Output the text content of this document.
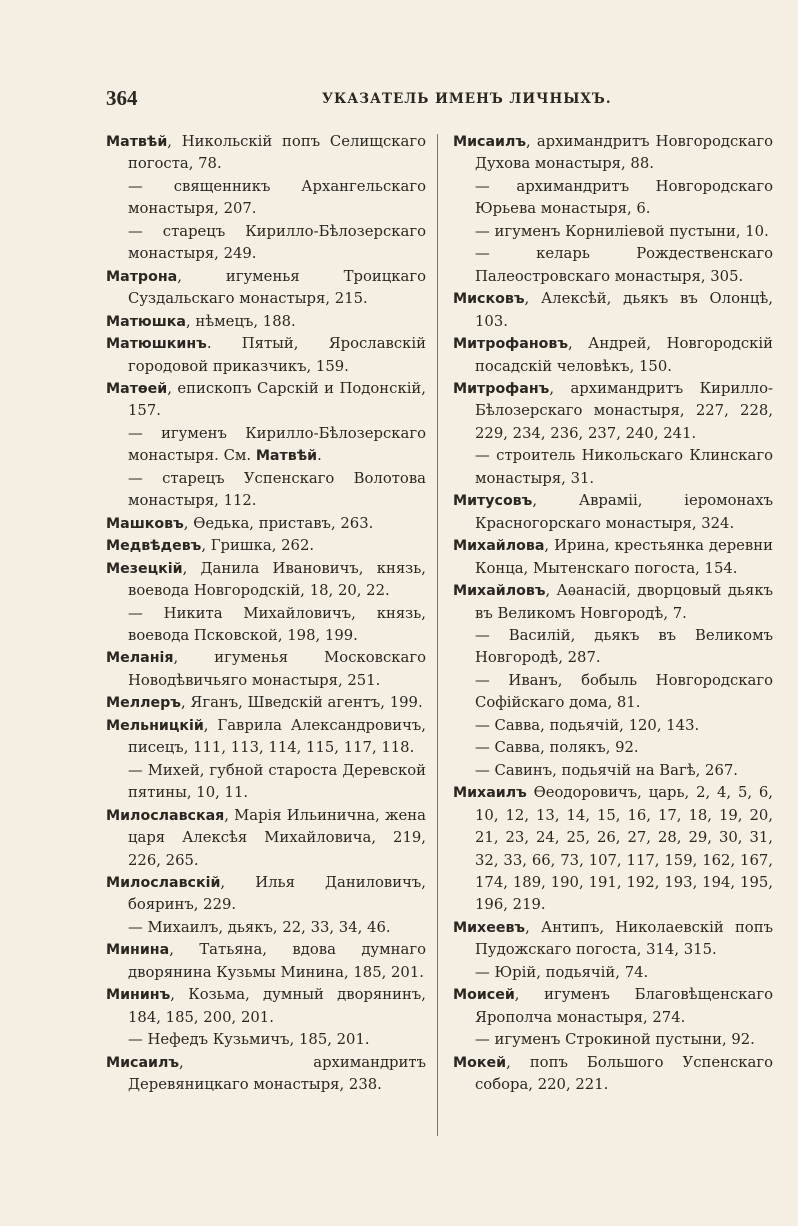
364	УКАЗАТЕЛЬ ИМЕНЪ ЛИЧНЫХЪ.
Матвѣй, Никольскій попъ Селищскаго погоста, 78.
— священникъ Архангельскаго монастыря, 207.
— старецъ Кирилло-Бѣлозерскаго монастыря, 249.
Матрона, игуменья Троицкаго Суздальскаго монастыря, 215.
Матюшка, нѣмецъ, 188.
Матюшкинъ. Пятый, Ярославскій городовой приказчикъ, 159.
Матѳей, епископъ Сарскій и Подонскій, 157.
— игуменъ Кирилло-Бѣлозерскаго монастыря. См. Матвѣй.
— старецъ Успенскаго Волотова монастыря, 112.
Машковъ, Ѳедька, приставъ, 263.
Медвѣдевъ, Гришка, 262.
Мезецкій, Данила Ивановичъ, князь, воевода Новгородскій, 18, 20, 22.
— Никита Михайловичъ, князь, воевода Псковской, 198, 199.
Меланія, игуменья Московскаго Новодѣвичьяго монастыря, 251.
Меллеръ, Яганъ, Шведскій агентъ, 199.
Мельницкій, Гаврила Александровичъ, писецъ, 111, 113, 114, 115, 117, 118.
— Михей, губной староста Деревской пятины, 10, 11.
Милославская, Марія Ильинична, жена царя Алексѣя Михайловича, 219, 226, 265.
Милославскій, Илья Даниловичъ, бояринъ, 229.
— Михаилъ, дьякъ, 22, 33, 34, 46.
Минина, Татьяна, вдова думнаго дворянина Кузьмы Минина, 185, 201.
Мининъ, Козьма, думный дворянинъ, 184, 185, 200, 201.
— Нефедъ Кузьмичъ, 185, 201.
Мисаилъ, архимандритъ Деревяницкаго монастыря, 238.
Мисаилъ, архимандритъ Новгородскаго Духова монастыря, 88.
— архимандритъ Новгородскаго Юрьева монастыря, 6.
— игуменъ Корниліевой пустыни, 10.
— келарь Рождественскаго Палеостровскаго монастыря, 305.
Мисковъ, Алексѣй, дьякъ въ Олонцѣ, 103.
Митрофановъ, Андрей, Новгородскій посадскій человѣкъ, 150.
Митрофанъ, архимандритъ Кирилло-Бѣлозерскаго монастыря, 227, 228, 229, 234, 236, 237, 240, 241.
— строитель Никольскаго Клинскаго монастыря, 31.
Митусовъ, Авраміі, іеромонахъ Красногорскаго монастыря, 324.
Михайлова, Ирина, крестьянка деревни Конца, Мытенскаго погоста, 154.
Михайловъ, Аѳанасій, дворцовый дьякъ въ Великомъ Новгородѣ, 7.
— Василій, дьякъ въ Великомъ Новгородѣ, 287.
— Иванъ, бобыль Новгородскаго Софійскаго дома, 81.
— Савва, подьячій, 120, 143.
— Савва, полякъ, 92.
— Савинъ, подьячій на Вагѣ, 267.
Михаилъ Ѳеодоровичъ, царь, 2, 4, 5, 6, 10, 12, 13, 14, 15, 16, 17, 18, 19, 20, 21, 23, 24, 25, 26, 27, 28, 29, 30, 31, 32, 33, 66, 73, 107, 117, 159, 162, 167, 174, 189, 190, 191, 192, 193, 194, 195, 196, 219.
Михеевъ, Антипъ, Николаевскій попъ Пудожскаго погоста, 314, 315.
— Юрій, подьячій, 74.
Моисей, игуменъ Благовѣщенскаго Ярополча монастыря, 274.
— игуменъ Строкиной пустыни, 92.
Мокей, попъ Большого Успенскаго собора, 220, 221.
